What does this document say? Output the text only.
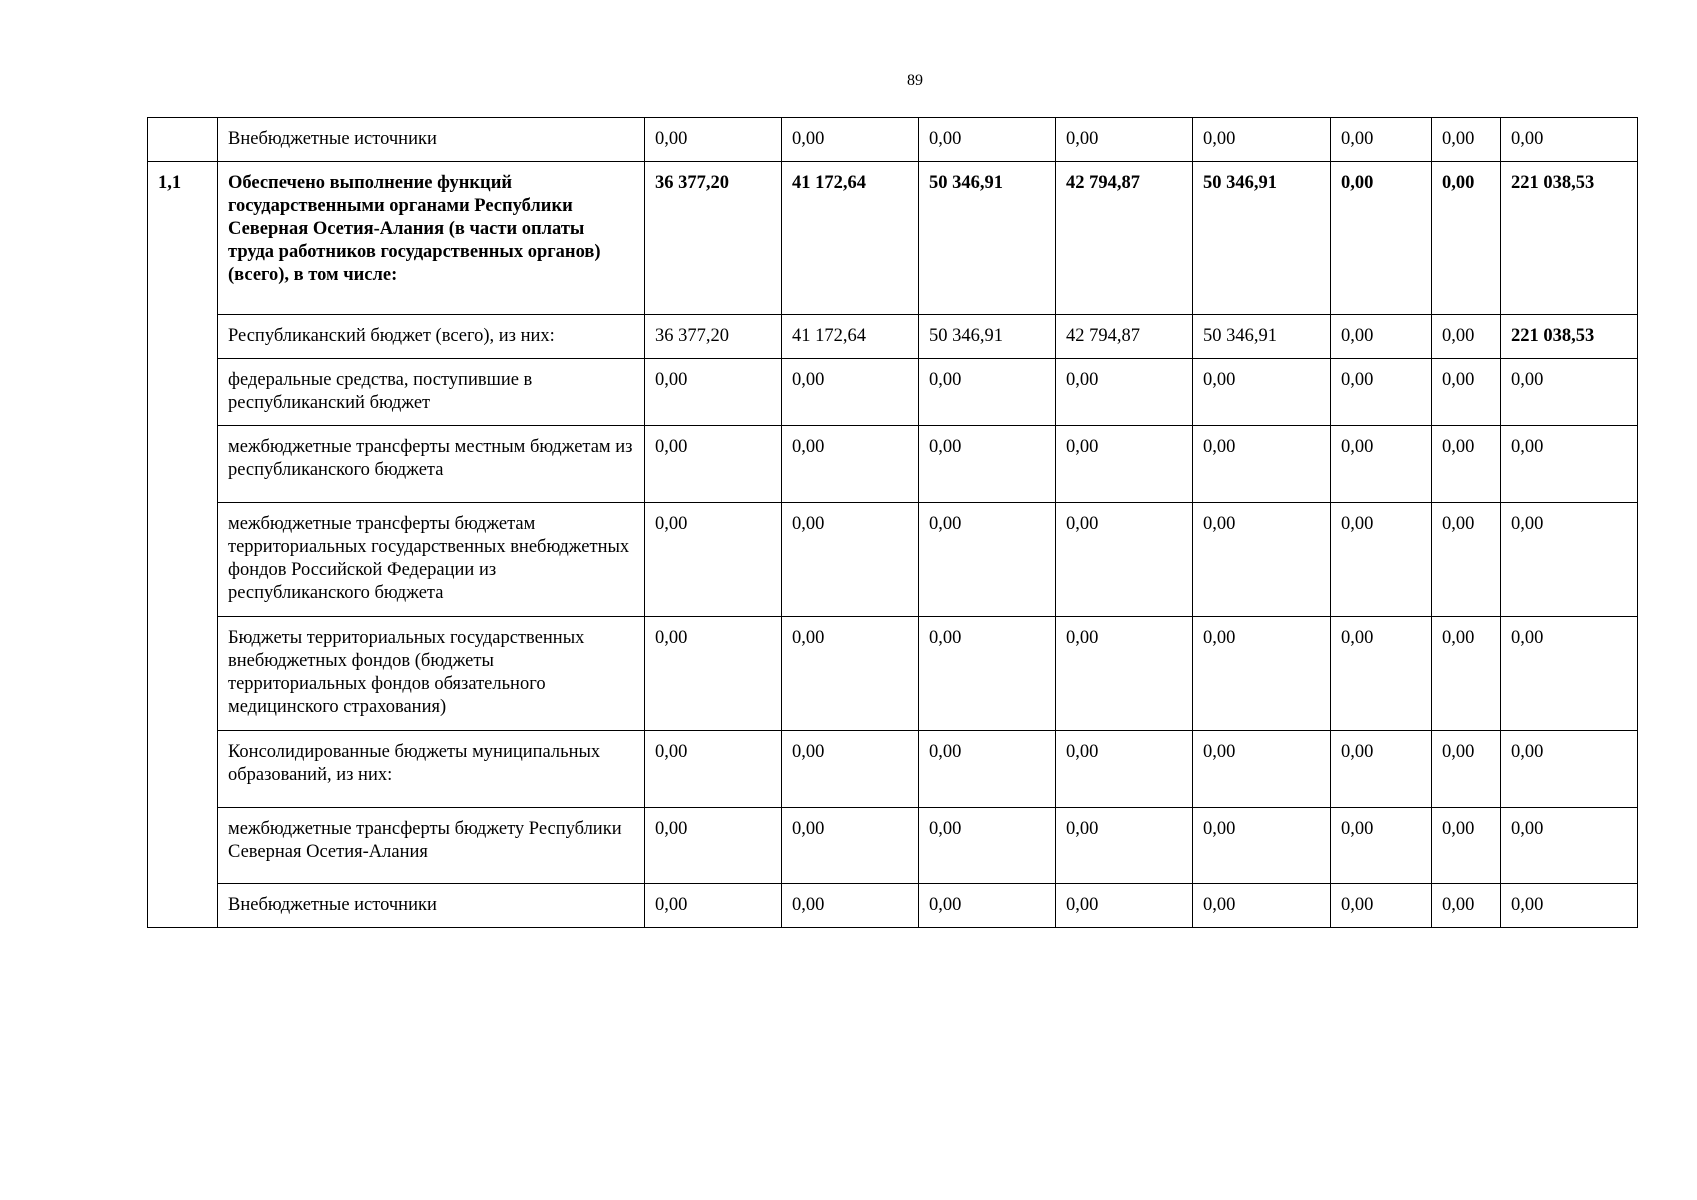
89
	Внебюджетные источники	0,00	0,00	0,00	0,00	0,00	0,00	0,00	0,00
1,1	Обеспечено выполнение функций государственными органами Республики Северная Осетия-Алания (в части оплаты труда работников государственных органов) (всего), в том числе:	36 377,20	41 172,64	50 346,91	42 794,87	50 346,91	0,00	0,00	221 038,53
	Республиканский бюджет (всего), из них:	36 377,20	41 172,64	50 346,91	42 794,87	50 346,91	0,00	0,00	221 038,53
	федеральные средства, поступившие в республиканский бюджет	0,00	0,00	0,00	0,00	0,00	0,00	0,00	0,00
	межбюджетные трансферты местным бюджетам из республиканского бюджета	0,00	0,00	0,00	0,00	0,00	0,00	0,00	0,00
	межбюджетные трансферты бюджетам территориальных государственных внебюджетных фондов Российской Федерации из республиканского бюджета	0,00	0,00	0,00	0,00	0,00	0,00	0,00	0,00
	Бюджеты территориальных государственных внебюджетных фондов (бюджеты территориальных фондов обязательного медицинского страхования)	0,00	0,00	0,00	0,00	0,00	0,00	0,00	0,00
	Консолидированные бюджеты муниципальных образований, из них:	0,00	0,00	0,00	0,00	0,00	0,00	0,00	0,00
	межбюджетные трансферты бюджету Республики Северная Осетия-Алания	0,00	0,00	0,00	0,00	0,00	0,00	0,00	0,00
	Внебюджетные источники	0,00	0,00	0,00	0,00	0,00	0,00	0,00	0,00
